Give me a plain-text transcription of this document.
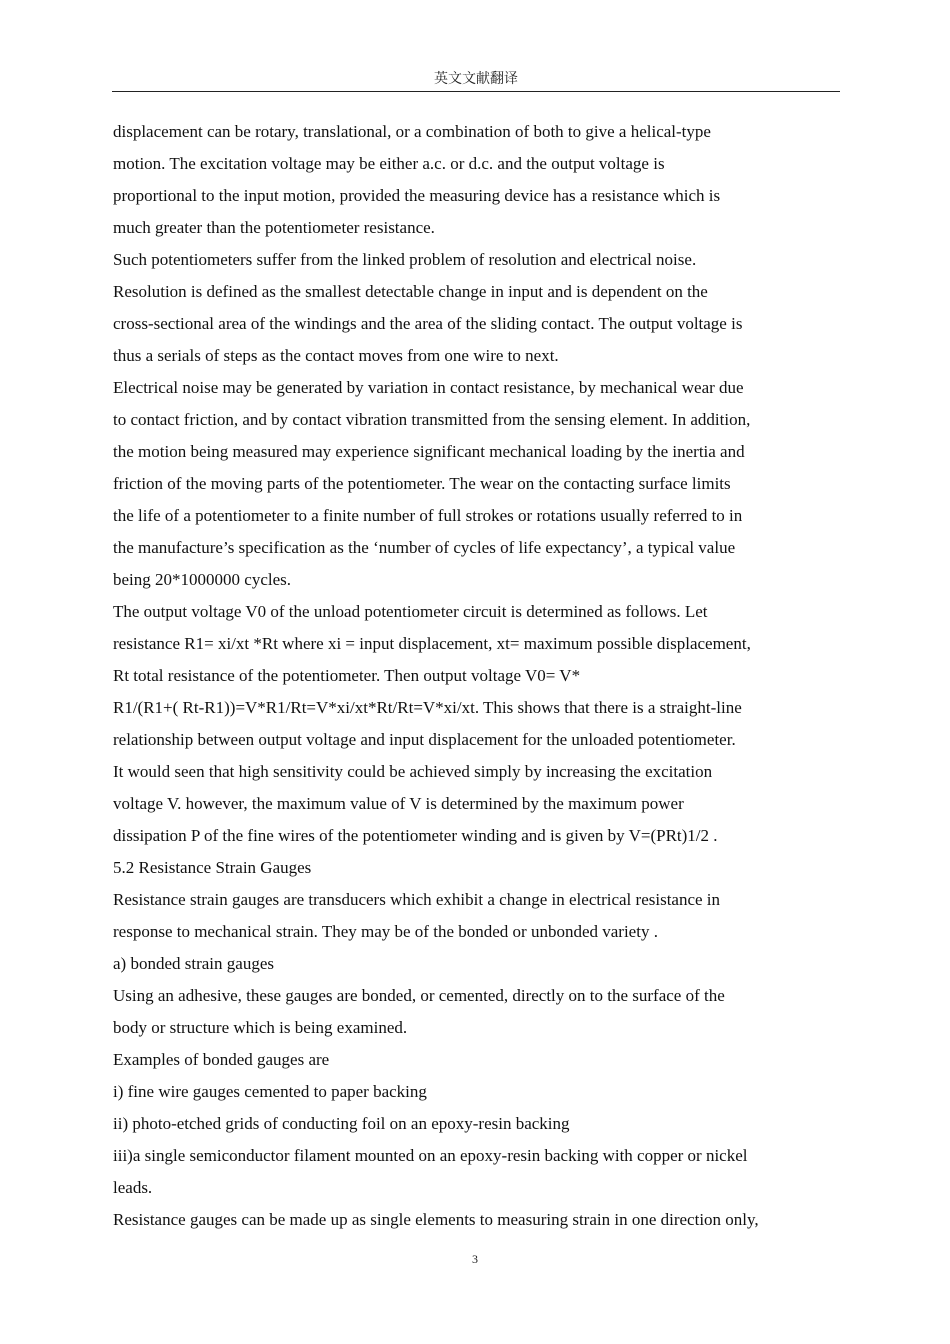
英文文献翻译

displacement can be rotary, translational, or a combination of both to give a helical-type

motion. The excitation voltage may be either a.c. or d.c. and the output voltage is

proportional to the input motion, provided the measuring device has a resistance which is

much greater than the potentiometer resistance.

Such potentiometers suffer from the linked problem of resolution and electrical noise.

Resolution is defined as the smallest detectable change in input and is dependent on the

cross-sectional area of the windings and the area of the sliding contact. The output voltage is

thus a serials of steps as the contact moves from one wire to next.

Electrical noise may be generated by variation in contact resistance, by mechanical wear due

to contact friction, and by contact vibration transmitted from the sensing element. In addition,

the motion being measured may experience significant mechanical loading by the inertia and

friction of the moving parts of the potentiometer. The wear on the contacting surface limits

the life of a potentiometer to a finite number of full strokes or rotations usually referred to in

the manufacture’s specification as the ‘number of cycles of life expectancy’, a typical value

being 20*1000000 cycles.

The output voltage V0 of the unload potentiometer circuit is determined as follows. Let

resistance R1= xi/xt *Rt where xi = input displacement, xt= maximum possible displacement,

Rt total resistance of the potentiometer. Then output voltage V0= V*

R1/(R1+( Rt-R1))=V*R1/Rt=V*xi/xt*Rt/Rt=V*xi/xt. This shows that there is a straight-line

relationship between output voltage and input displacement for the unloaded potentiometer.

It would seen that high sensitivity could be achieved simply by increasing the excitation

voltage V. however, the maximum value of V is determined by the maximum power

dissipation P of the fine wires of the potentiometer winding and is given by V=(PRt)1/2 .

5.2 Resistance Strain Gauges

Resistance strain gauges are transducers which exhibit a change in electrical resistance in

response to mechanical strain. They may be of the bonded or unbonded variety .

a) bonded strain gauges

Using an adhesive, these gauges are bonded, or cemented, directly on to the surface of the

body or structure which is being examined.

Examples of bonded gauges are

i) fine wire gauges cemented to paper backing

ii) photo-etched grids of conducting foil on an epoxy-resin backing

iii)a single semiconductor filament mounted on an epoxy-resin backing with copper or nickel

leads.

Resistance gauges can be made up as single elements to measuring strain in one direction only,

3
